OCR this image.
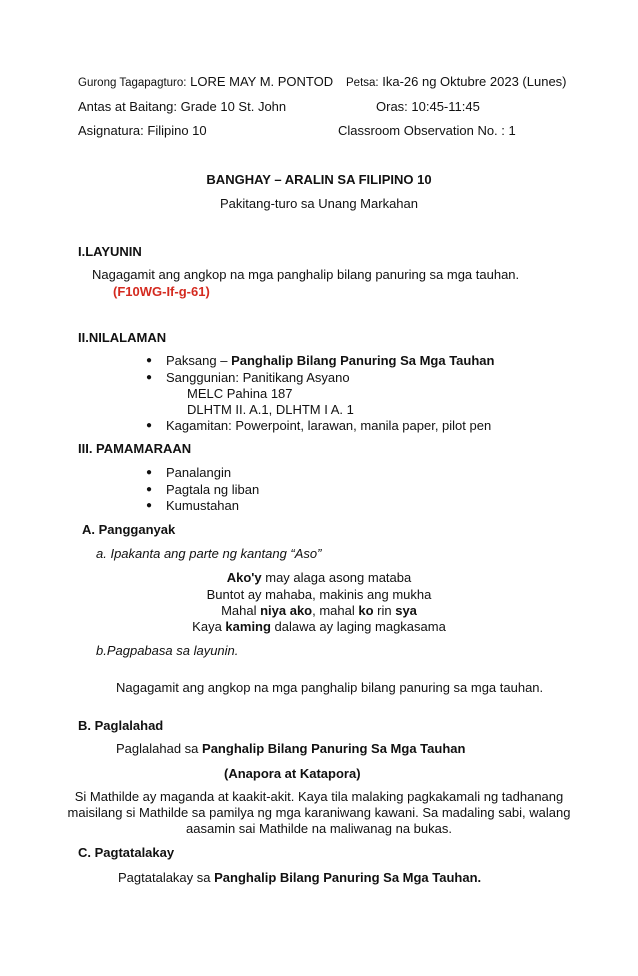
Gurong Tagapagturo: LORE MAY M. PONTOD Petsa: Ika-26 ng Oktubre 2023 (Lunes)
Antas at Baitang: Grade 10 St. John	Oras: 10:45-11:45
Asignatura: Filipino 10	Classroom Observation No. : 1
BANGHAY – ARALIN SA FILIPINO 10
Pakitang-turo sa Unang Markahan
I.LAYUNIN
Nagagamit ang angkop na mga panghalip bilang panuring sa mga tauhan.
(F10WG-If-g-61)
II.NILALAMAN
● Paksang – Panghalip Bilang Panuring Sa Mga Tauhan
● Sanggunian: Panitikang Asyano
MELC Pahina 187
DLHTM II. A.1, DLHTM I A. 1
● Kagamitan: Powerpoint, larawan, manila paper, pilot pen
III. PAMAMARAAN
● Panalangin
● Pagtala ng liban
● Kumustahan
A. Pangganyak
a. Ipakanta ang parte ng kantang “Aso”
Ako'y may alaga asong mataba
Buntot ay mahaba, makinis ang mukha
Mahal niya ako, mahal ko rin sya
Kaya kaming dalawa ay laging magkasama
b.Pagpabasa sa layunin.
Nagagamit ang angkop na mga panghalip bilang panuring sa mga tauhan.
B. Paglalahad
Paglalahad sa Panghalip Bilang Panuring Sa Mga Tauhan
(Anapora at Katapora)
Si Mathilde ay maganda at kaakit-akit. Kaya tila malaking pagkakamali ng tadhanang
maisilang si Mathilde sa pamilya ng mga karaniwang kawani. Sa madaling sabi, walang
aasamin sai Mathilde na maliwanag na bukas.
C. Pagtatalakay
Pagtatalakay sa Panghalip Bilang Panuring Sa Mga Tauhan.
